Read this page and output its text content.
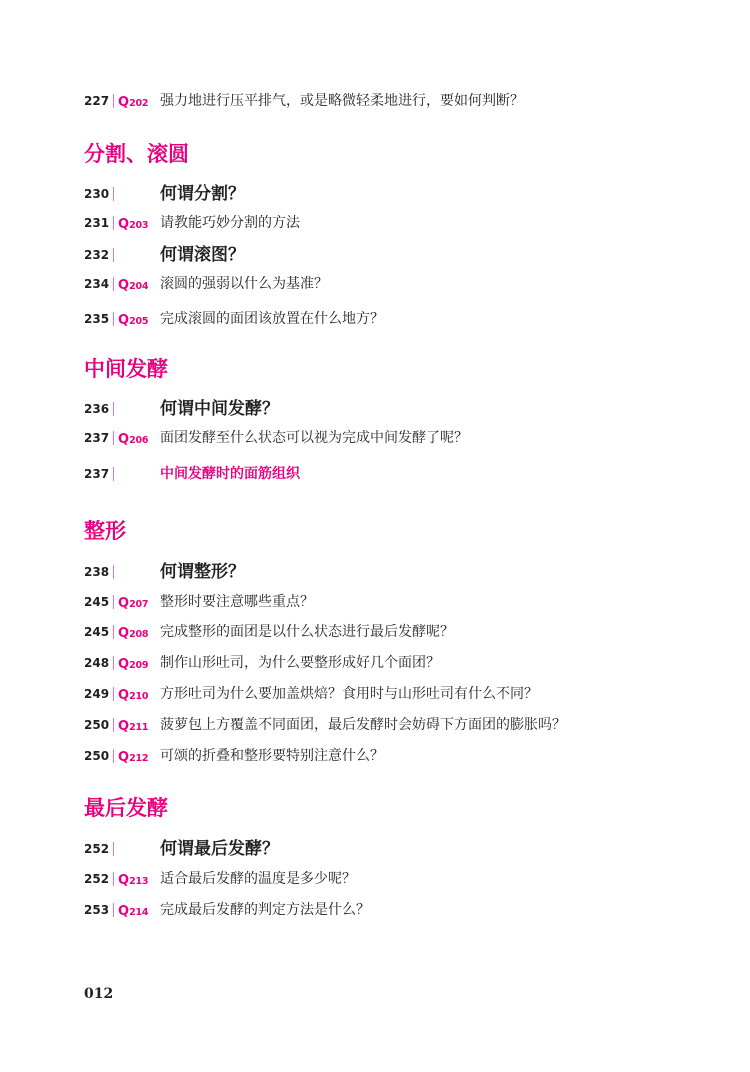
227 Q202 强力地进行压平排气，或是略微轻柔地进行，要如何判断？
分割、滚圆
230	何谓分割？
231 Q203 请教能巧妙分割的方法
232	何谓滚图？
234 Q204 滚圆的强弱以什么为基准？
235 Q205 完成滚圆的面团该放置在什么地方？
中间发酵
236	何谓中间发酵？
237 Q206 面团发酵至什么状态可以视为完成中间发酵了呢？
237	中间发酵时的面筋组织
整形
238	何谓整形？
245 Q207 整形时要注意哪些重点？
245 Q208 完成整形的面团是以什么状态进行最后发酵呢？
248 Q209 制作山形吐司，为什么要整形成好几个面团？
249 Q210 方形吐司为什么要加盖烘焙？食用时与山形吐司有什么不同？
250 Q211 菠萝包上方覆盖不同面团，最后发酵时会妨碍下方面团的膨胀吗？
250 Q212 可颂的折叠和整形要特别注意什么？
最后发酵
252	何谓最后发酵？
252 Q213 适合最后发酵的温度是多少呢？
253 Q214 完成最后发酵的判定方法是什么？
012
